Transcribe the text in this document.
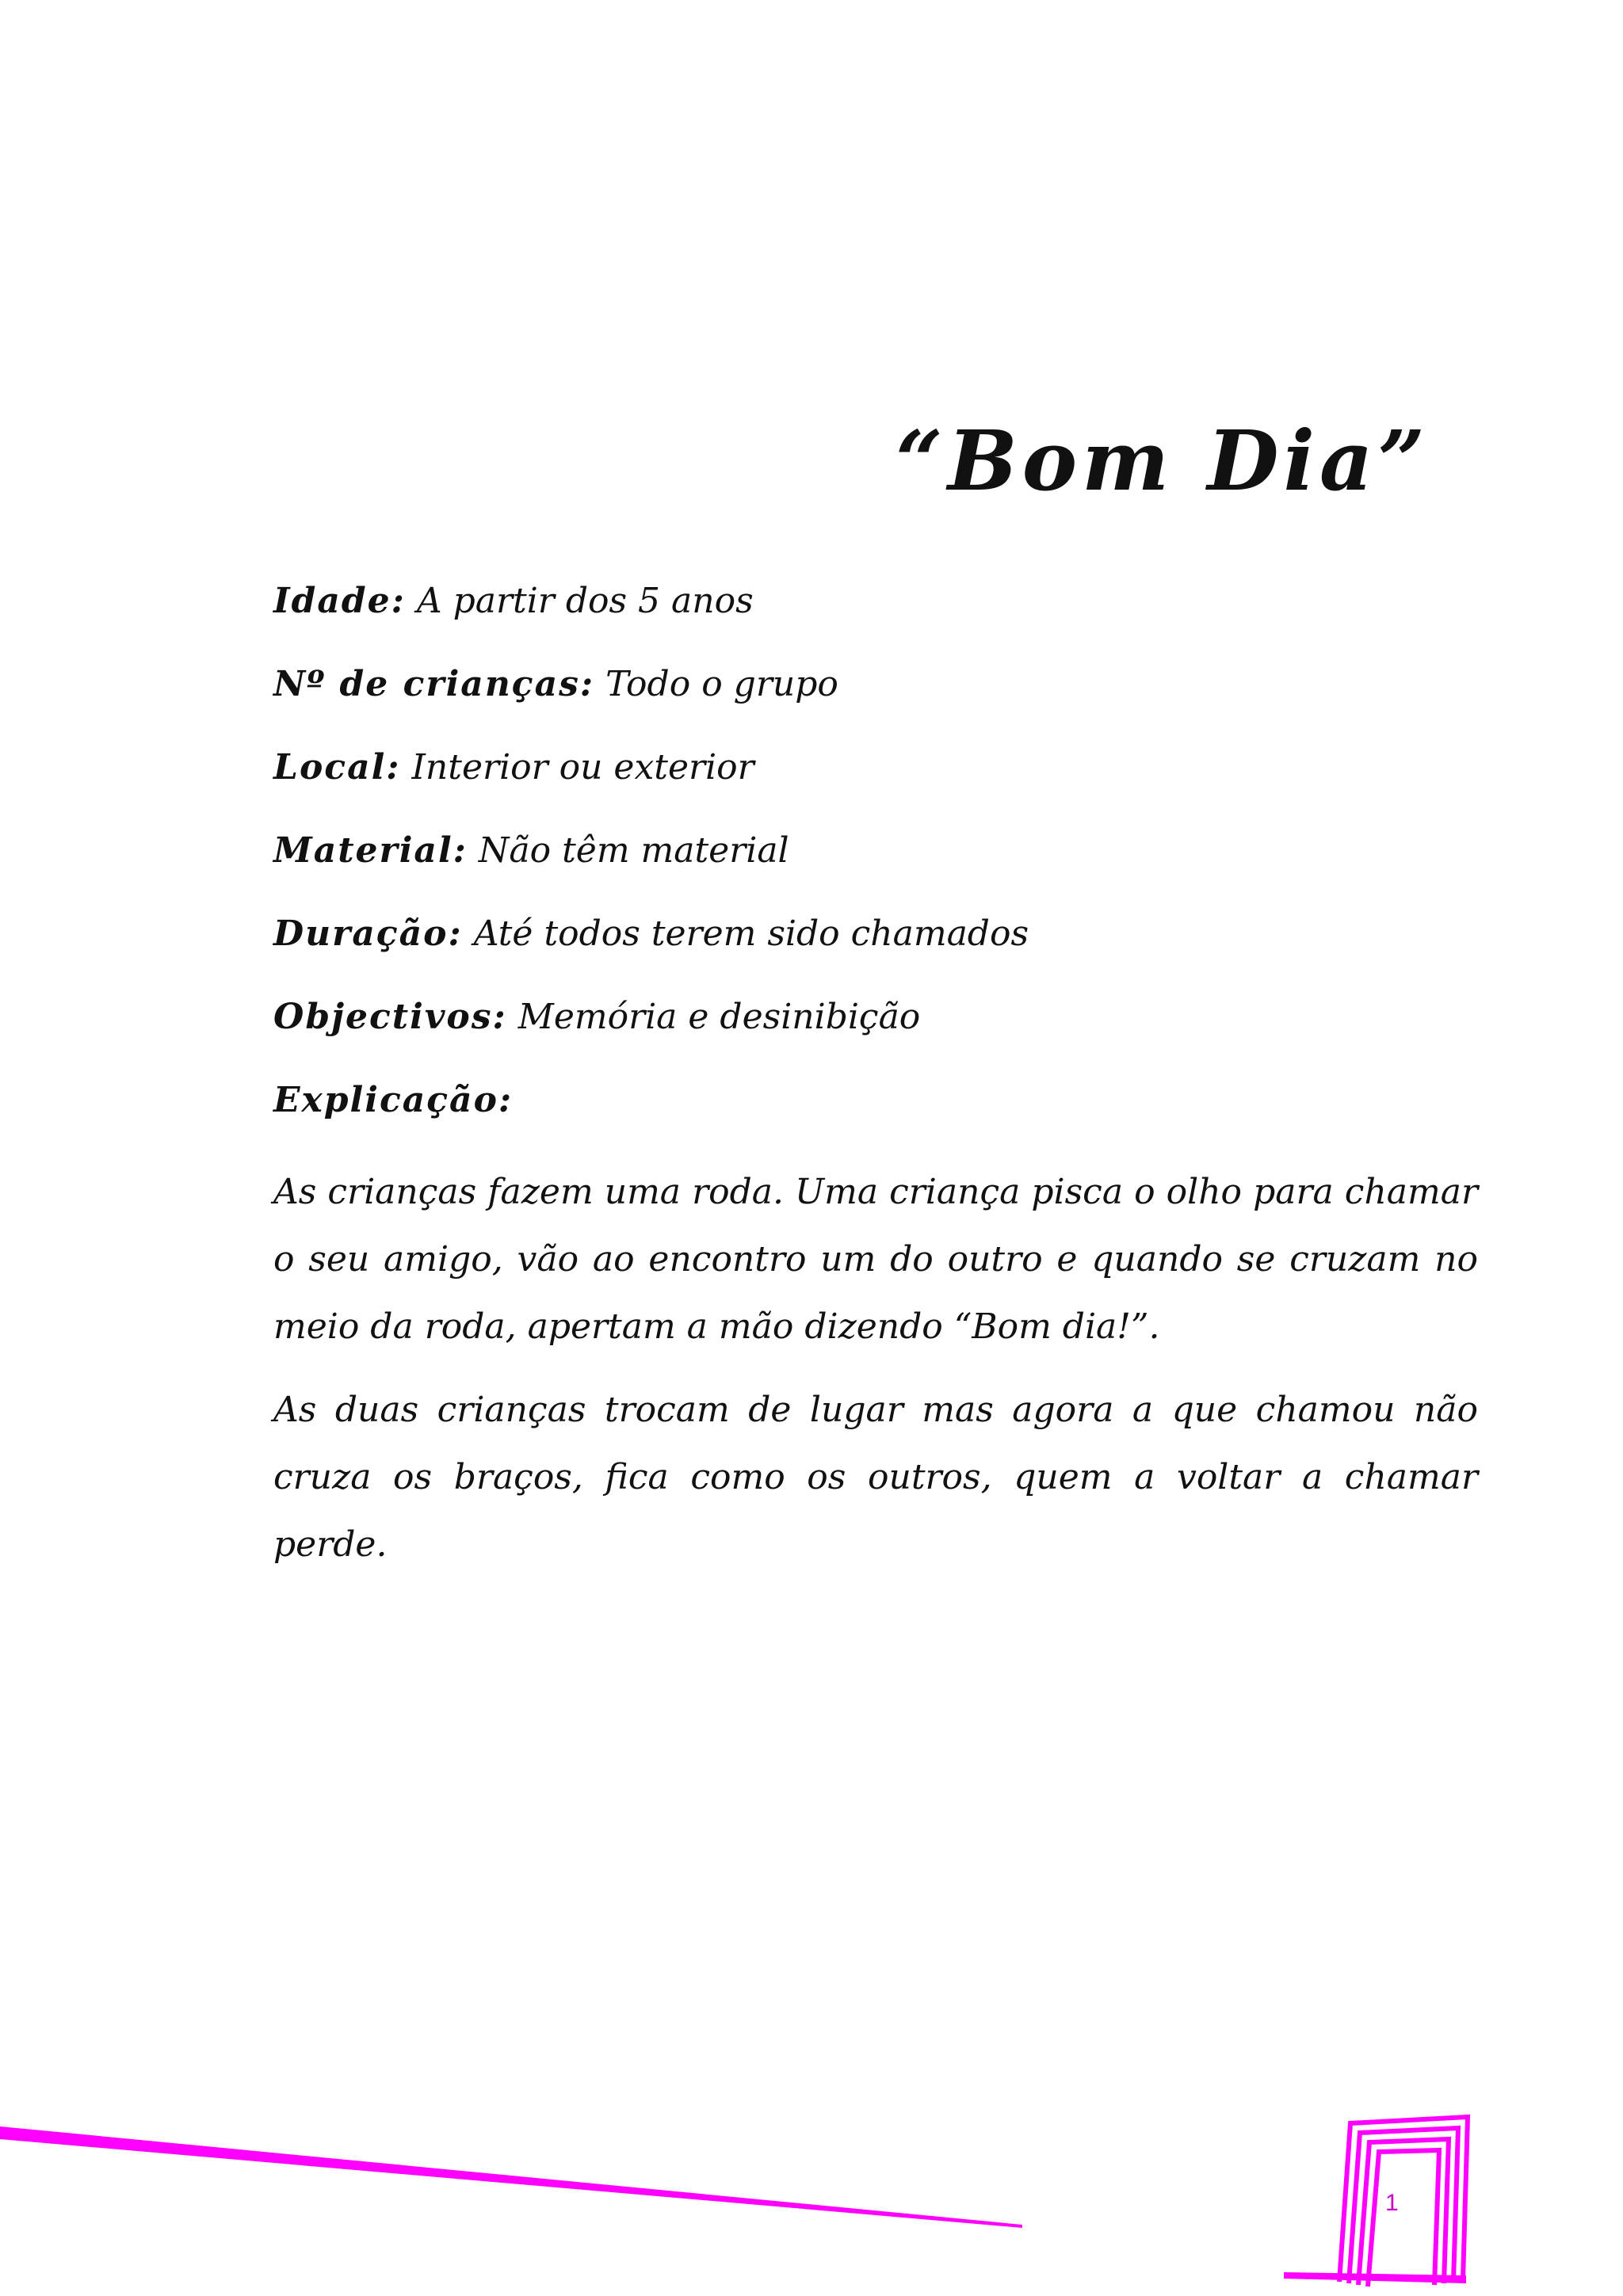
“Bom Dia”
Idade: A partir dos 5 anos
Nº de crianças: Todo o grupo
Local: Interior ou exterior
Material: Não têm material
Duração: Até todos terem sido chamados
Objectivos: Memória e desinibição
Explicação:

As crianças fazem uma roda. Uma criança pisca o olho para chamar o seu amigo, vão ao encontro um do outro e quando se cruzam no meio da roda, apertam a mão dizendo “Bom dia!”.

As duas crianças trocam de lugar mas agora a que chamou não cruza os braços, fica como os outros, quem a voltar a chamar perde.

1
